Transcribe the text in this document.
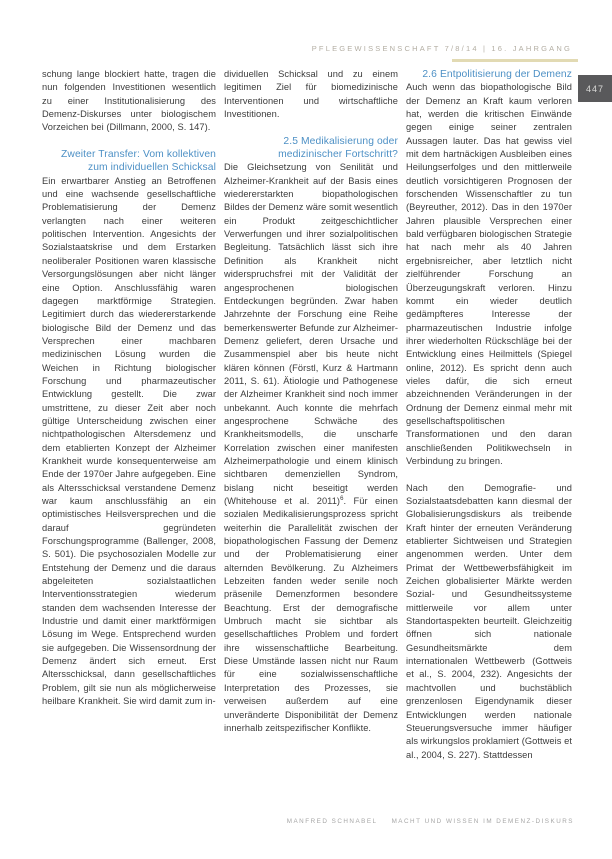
PFLEGEWISSENSCHAFT 7/8/14 | 16. JAHRGANG
447

schung lange blockiert hatte, tragen die nun folgenden Investitionen wesentlich zu einer Institutionalisierung des Demenz-Diskurses unter biologischem Vorzeichen bei (Dillmann, 2000, S. 147).

Zweiter Transfer: Vom kollektiven zum individuellen Schicksal

Ein erwartbarer Anstieg an Betroffenen und eine wachsende gesellschaftliche Problematisierung der Demenz verlangten nach einer weiteren politischen Intervention. Angesichts der Sozialstaatskrise und dem Erstarken neoliberaler Positionen waren klassische Versorgungslösungen aber nicht länger eine Option. Anschlussfähig waren dagegen marktförmige Strategien. Legitimiert durch das wiedererstarkende biologische Bild der Demenz und das Versprechen einer machbaren medizinischen Lösung wurden die Weichen in Richtung biologischer Forschung und pharmazeutischer Entwicklung gestellt. Die zwar umstrittene, zu dieser Zeit aber noch gültige Unterscheidung zwischen einer nichtpathologischen Altersdemenz und dem etablierten Konzept der Alzheimer Krankheit wurde konsequenterweise am Ende der 1970er Jahre aufgegeben. Eine als Altersschicksal verstandene Demenz war kaum anschlussfähig an ein optimistisches Heilsversprechen und die darauf gegründeten Forschungsprogramme (Ballenger, 2008, S. 501). Die psychosozialen Modelle zur Entstehung der Demenz und die daraus abgeleiteten sozialstaatlichen Interventionsstrategien wiederum standen dem wachsenden Interesse der Industrie und damit einer marktförmigen Lösung im Wege. Entsprechend wurden sie aufgegeben. Die Wissensordnung der Demenz ändert sich erneut. Erst Altersschicksal, dann gesellschaftliches Problem, gilt sie nun als möglicherweise heilbare Krankheit. Sie wird damit zum in-

dividuellen Schicksal und zu einem legitimen Ziel für biomedizinische Interventionen und wirtschaftliche Investitionen.

2.5 Medikalisierung oder medizinischer Fortschritt?

Die Gleichsetzung von Senilität und Alzheimer-Krankheit auf der Basis eines wiedererstarkten biopathologischen Bildes der Demenz wäre somit wesentlich ein Produkt zeitgeschichtlicher Verwerfungen und ihrer sozialpolitischen Begleitung. Tatsächlich lässt sich ihre Definition als Krankheit nicht widerspruchsfrei mit der Validität der angesprochenen biologischen Entdeckungen begründen. Zwar haben Jahrzehnte der Forschung eine Reihe bemerkenswerter Befunde zur Alzheimer-Demenz geliefert, deren Ursache und Zusammenspiel aber bis heute nicht klären können (Förstl, Kurz & Hartmann 2011, S. 61). Ätiologie und Pathogenese der Alzheimer Krankheit sind noch immer unbekannt. Auch konnte die mehrfach angesprochene Schwäche des Krankheitsmodells, die unscharfe Korrelation zwischen einer manifesten Alzheimerpathologie und einem klinisch sichtbaren demenziellen Syndrom, bislang nicht beseitigt werden (Whitehouse et al. 2011)$^6$. Für einen sozialen Medikalisierungsprozess spricht weiterhin die Parallelität zwischen der biopathologischen Fassung der Demenz und der Problematisierung einer alternden Bevölkerung. Zu Alzheimers Lebzeiten fanden weder senile noch präsenile Demenzformen besondere Beachtung. Erst der demografische Umbruch macht sie sichtbar als gesellschaftliches Problem und fordert ihre wissenschaftliche Bearbeitung. Diese Umstände lassen nicht nur Raum für eine sozialwissenschaftliche Interpretation des Prozesses, sie verweisen außerdem auf eine unveränderte Disponibilität der Demenz innerhalb zeitspezifischer Konflikte.

2.6 Entpolitisierung der Demenz

Auch wenn das biopathologische Bild der Demenz an Kraft kaum verloren hat, werden die kritischen Einwände gegen einige seiner zentralen Aussagen lauter. Das hat gewiss viel mit dem hartnäckigen Ausbleiben eines Heilungserfolges und den mittlerweile deutlich vorsichtigeren Prognosen der forschenden Wissenschaftler zu tun (Beyreuther, 2012). Das in den 1970er Jahren plausible Versprechen einer bald verfügbaren biologischen Strategie hat nach mehr als 40 Jahren ergebnisreicher, aber letztlich nicht zielführender Forschung an Überzeugungskraft verloren. Hinzu kommt ein wieder deutlich gedämpfteres Interesse der pharmazeutischen Industrie infolge ihrer wiederholten Rückschläge bei der Entwicklung eines Heilmittels (Spiegel online, 2012). Es spricht denn auch vieles dafür, die sich erneut abzeichnenden Veränderungen in der Ordnung der Demenz einmal mehr mit gesellschaftspolitischen Transformationen und den daran anschließenden Politikwechseln in Verbindung zu bringen.

Nach den Demografie- und Sozialstaatsdebatten kann diesmal der Globalisierungsdiskurs als treibende Kraft hinter der erneuten Veränderung etablierter Sichtweisen und Strategien angenommen werden. Unter dem Primat der Wettbewerbsfähigkeit im Zeichen globalisierter Märkte werden Sozial- und Gesundheitssysteme mittlerweile vor allem unter Standortaspekten beurteilt. Gleichzeitig öffnen sich nationale Gesundheitsmärkte dem internationalen Wettbewerb (Gottweis et al., S. 2004, 232). Angesichts der machtvollen und buchstäblich grenzenlosen Eigendynamik dieser Entwicklungen werden nationale Steuerungsversuche immer häufiger als wirkungslos proklamiert (Gottweis et al., 2004, S. 227). Stattdessen

MANFRED SCHNABEL MACHT UND WISSEN IM DEMENZ-DISKURS
